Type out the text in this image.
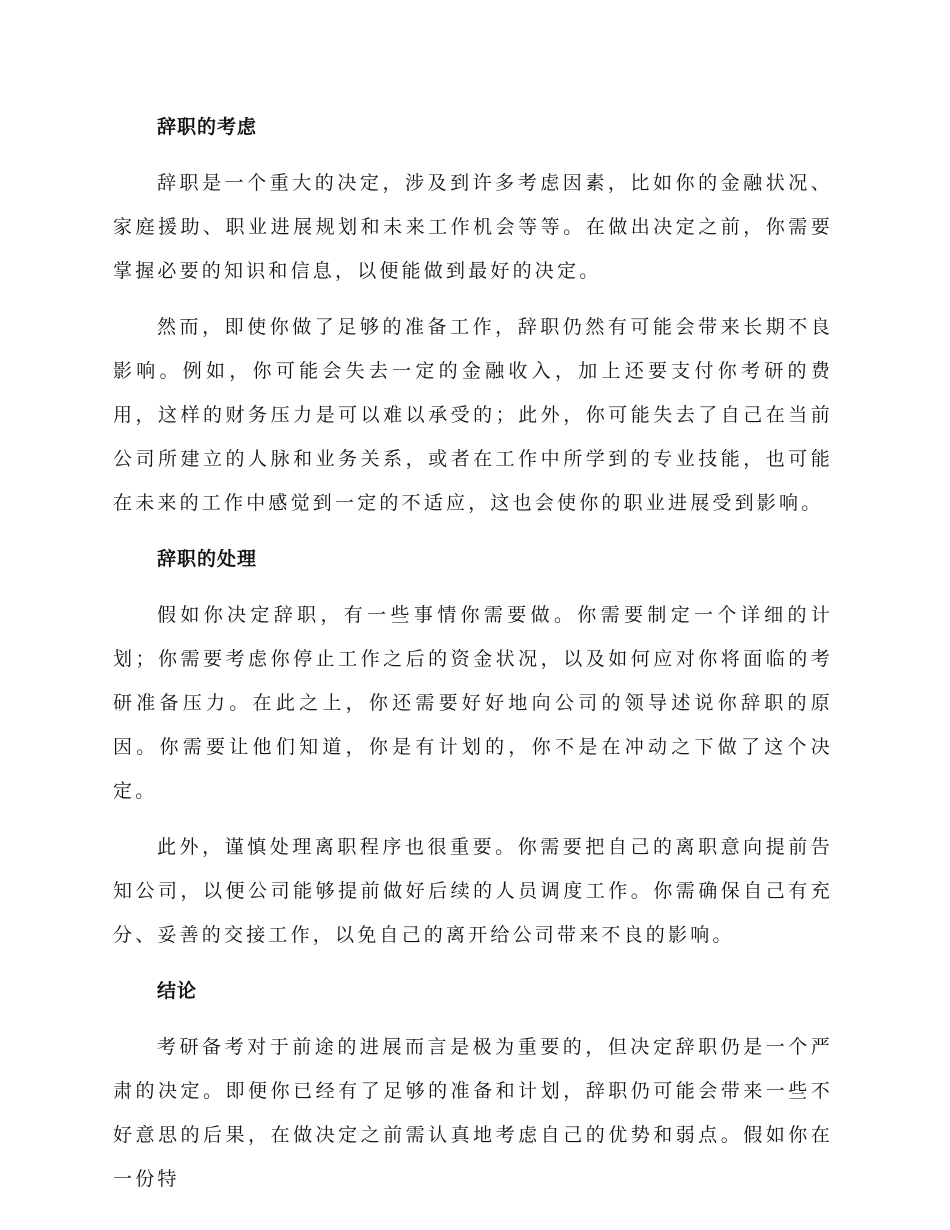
辞职的考虑

辞职是一个重大的决定，涉及到许多考虑因素，比如你的金融状况、家庭援助、职业进展规划和未来工作机会等等。在做出决定之前，你需要掌握必要的知识和信息，以便能做到最好的决定。

然而，即使你做了足够的准备工作，辞职仍然有可能会带来长期不良影响。例如，你可能会失去一定的金融收入，加上还要支付你考研的费用，这样的财务压力是可以难以承受的；此外，你可能失去了自己在当前公司所建立的人脉和业务关系，或者在工作中所学到的专业技能，也可能在未来的工作中感觉到一定的不适应，这也会使你的职业进展受到影响。

辞职的处理

假如你决定辞职，有一些事情你需要做。你需要制定一个详细的计划；你需要考虑你停止工作之后的资金状况，以及如何应对你将面临的考研准备压力。在此之上，你还需要好好地向公司的领导述说你辞职的原因。你需要让他们知道，你是有计划的，你不是在冲动之下做了这个决定。

此外，谨慎处理离职程序也很重要。你需要把自己的离职意向提前告知公司，以便公司能够提前做好后续的人员调度工作。你需确保自己有充分、妥善的交接工作，以免自己的离开给公司带来不良的影响。

结论

考研备考对于前途的进展而言是极为重要的，但决定辞职仍是一个严肃的决定。即便你已经有了足够的准备和计划，辞职仍可能会带来一些不好意思的后果，在做决定之前需认真地考虑自己的优势和弱点。假如你在一份特
